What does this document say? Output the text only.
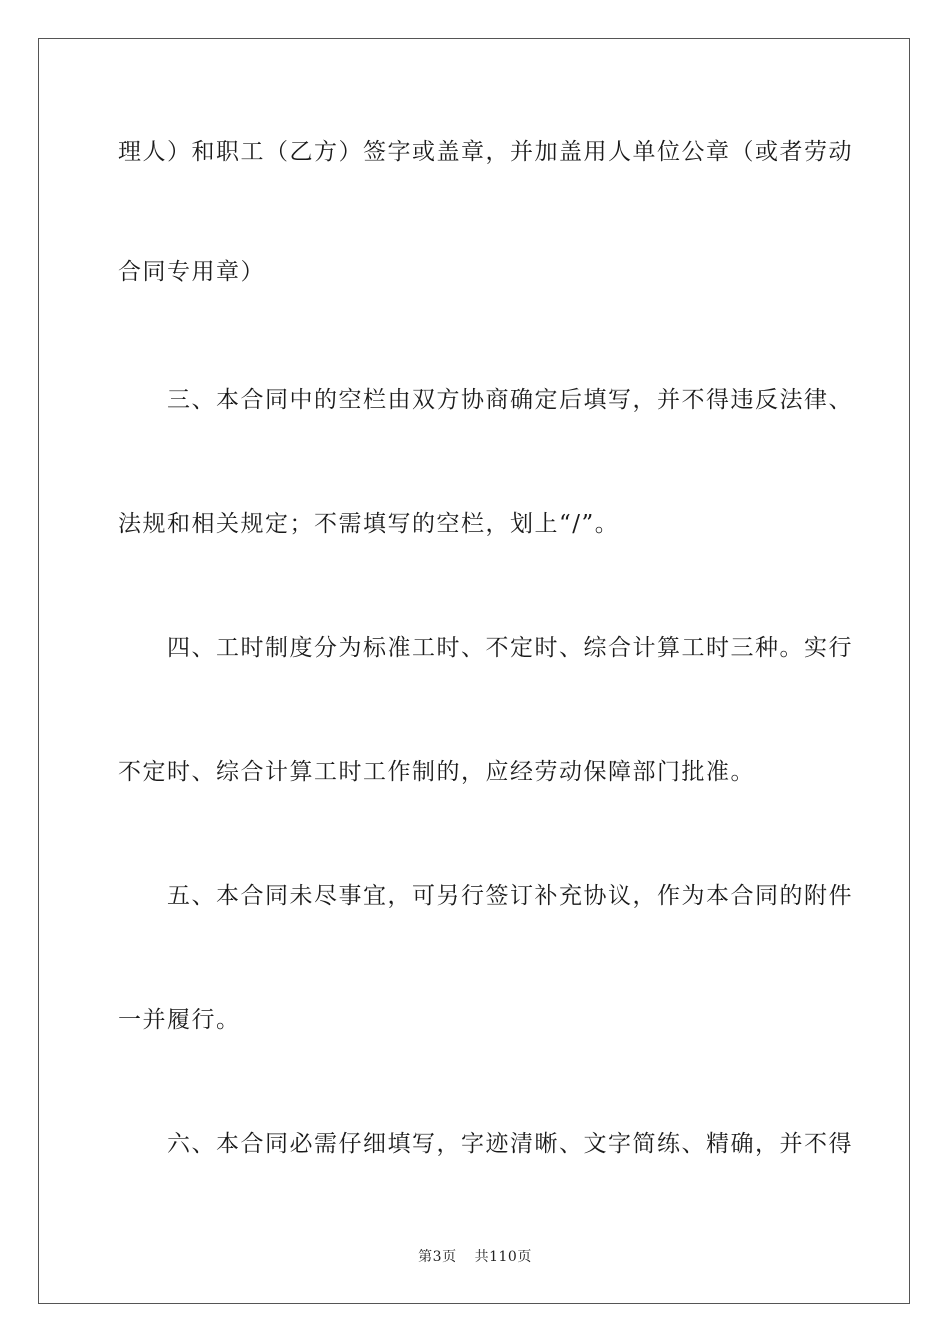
理人）和职工（乙方）签字或盖章，并加盖用人单位公章（或者劳动
合同专用章）
　　三、本合同中的空栏由双方协商确定后填写，并不得违反法律、
法规和相关规定；不需填写的空栏，划上“/”。
　　四、工时制度分为标准工时、不定时、综合计算工时三种。实行
不定时、综合计算工时工作制的，应经劳动保障部门批准。
　　五、本合同未尽事宜，可另行签订补充协议，作为本合同的附件
一并履行。
　　六、本合同必需仔细填写，字迹清晰、文字简练、精确，并不得
第3页 共110页
